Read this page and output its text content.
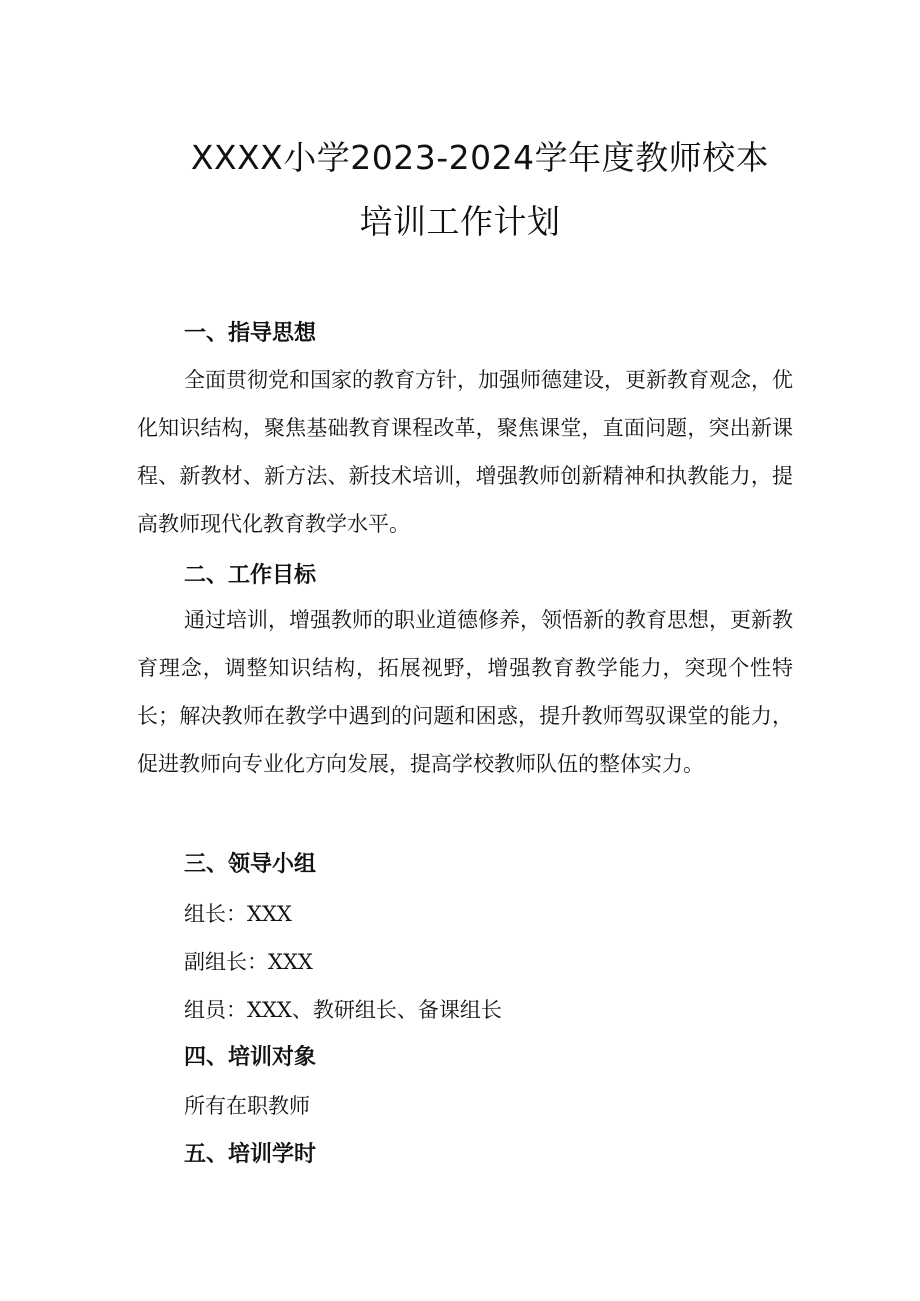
XXXX小学2023-2024学年度教师校本
培训工作计划
一、指导思想
全面贯彻党和国家的教育方针，加强师德建设，更新教育观念，优化知识结构，聚焦基础教育课程改革，聚焦课堂，直面问题，突出新课程、新教材、新方法、新技术培训，增强教师创新精神和执教能力，提高教师现代化教育教学水平。
二、工作目标
通过培训，增强教师的职业道德修养，领悟新的教育思想，更新教育理念，调整知识结构，拓展视野，增强教育教学能力，突现个性特长；解决教师在教学中遇到的问题和困惑，提升教师驾驭课堂的能力，促进教师向专业化方向发展，提高学校教师队伍的整体实力。
三、领导小组
组长：XXX
副组长：XXX
组员：XXX、教研组长、备课组长
四、培训对象
所有在职教师
五、培训学时
